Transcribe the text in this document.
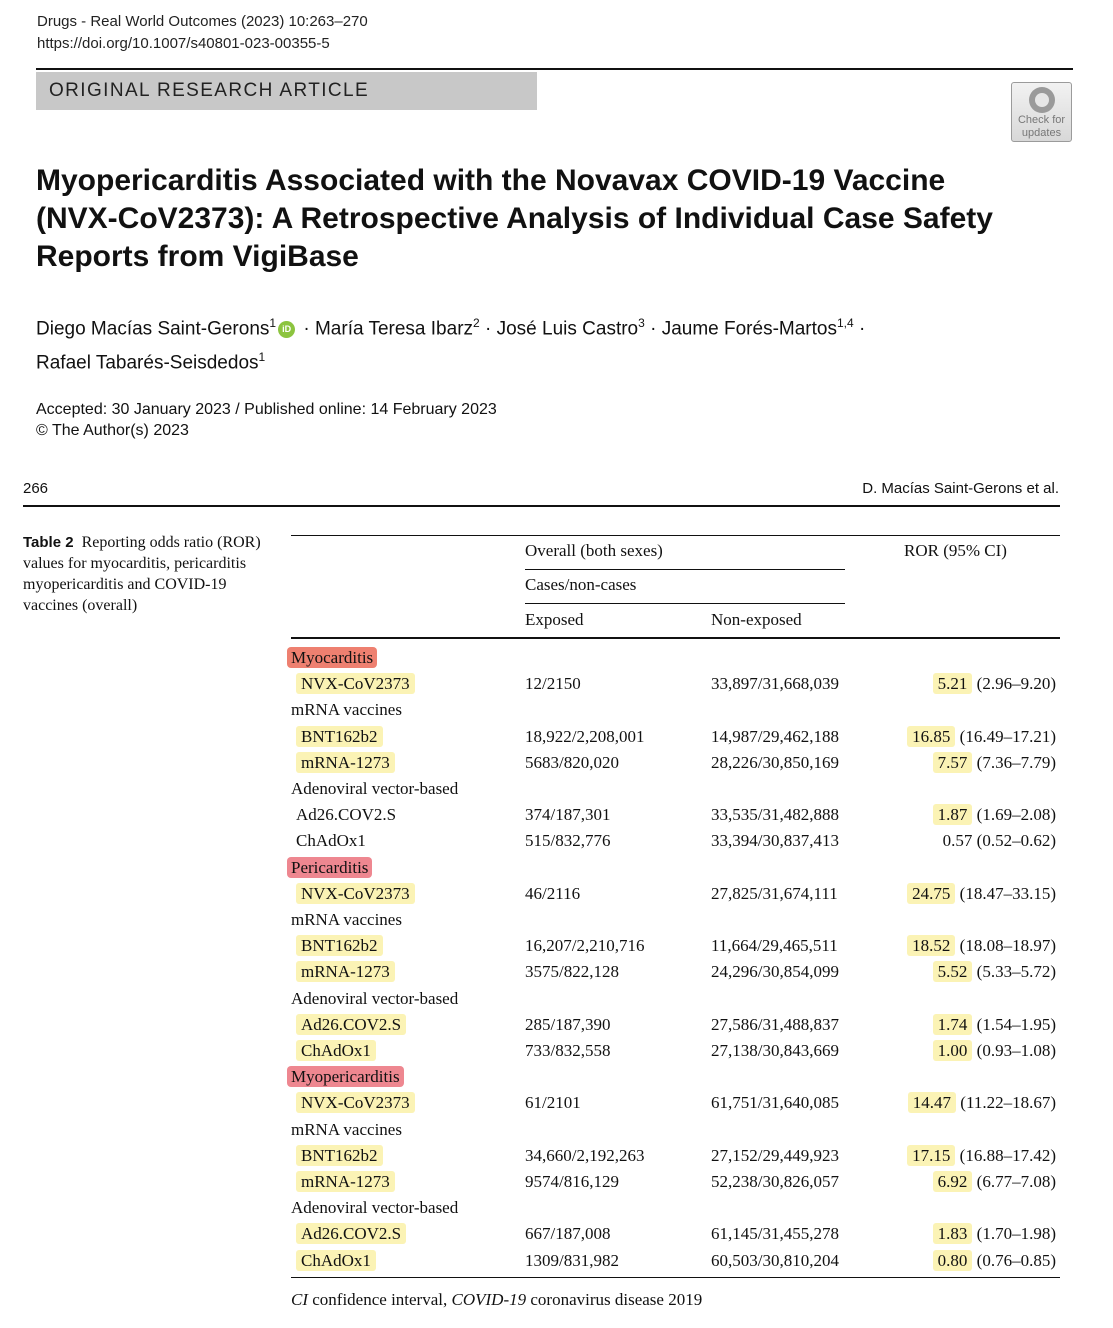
Drugs - Real World Outcomes (2023) 10:263–270
https://doi.org/10.1007/s40801-023-00355-5
ORIGINAL RESEARCH ARTICLE
Check for
updates
Myopericarditis Associated with the Novavax COVID-19 Vaccine
(NVX-CoV2373): A Retrospective Analysis of Individual Case Safety
Reports from VigiBase
Diego Macías Saint-Gerons$^1$ iD · María Teresa Ibarz$^2$ · José Luis Castro$^3$ · Jaume Forés-Martos$^{1,4}$ ·
Rafael Tabarés-Seisdedos$^1$
Accepted: 30 January 2023 / Published online: 14 February 2023
© The Author(s) 2023
266	D. Macías Saint-Gerons et al.
Table 2 Reporting odds ratio (ROR) values for myocarditis, pericarditis myopericarditis and COVID-19 vaccines (overall)
Overall (both sexes)	ROR (95% CI)
Cases/non-cases
Exposed	Non-exposed
Myocarditis
NVX-CoV2373	12/2150	33,897/31,668,039	5.21 (2.96–9.20)
mRNA vaccines
BNT162b2	18,922/2,208,001	14,987/29,462,188	16.85 (16.49–17.21)
mRNA-1273	5683/820,020	28,226/30,850,169	7.57 (7.36–7.79)
Adenoviral vector-based
Ad26.COV2.S	374/187,301	33,535/31,482,888	1.87 (1.69–2.08)
ChAdOx1	515/832,776	33,394/30,837,413	0.57 (0.52–0.62)
Pericarditis
NVX-CoV2373	46/2116	27,825/31,674,111	24.75 (18.47–33.15)
mRNA vaccines
BNT162b2	16,207/2,210,716	11,664/29,465,511	18.52 (18.08–18.97)
mRNA-1273	3575/822,128	24,296/30,854,099	5.52 (5.33–5.72)
Adenoviral vector-based
Ad26.COV2.S	285/187,390	27,586/31,488,837	1.74 (1.54–1.95)
ChAdOx1	733/832,558	27,138/30,843,669	1.00 (0.93–1.08)
Myopericarditis
NVX-CoV2373	61/2101	61,751/31,640,085	14.47 (11.22–18.67)
mRNA vaccines
BNT162b2	34,660/2,192,263	27,152/29,449,923	17.15 (16.88–17.42)
mRNA-1273	9574/816,129	52,238/30,826,057	6.92 (6.77–7.08)
Adenoviral vector-based
Ad26.COV2.S	667/187,008	61,145/31,455,278	1.83 (1.70–1.98)
ChAdOx1	1309/831,982	60,503/30,810,204	0.80 (0.76–0.85)
CI confidence interval, COVID-19 coronavirus disease 2019
